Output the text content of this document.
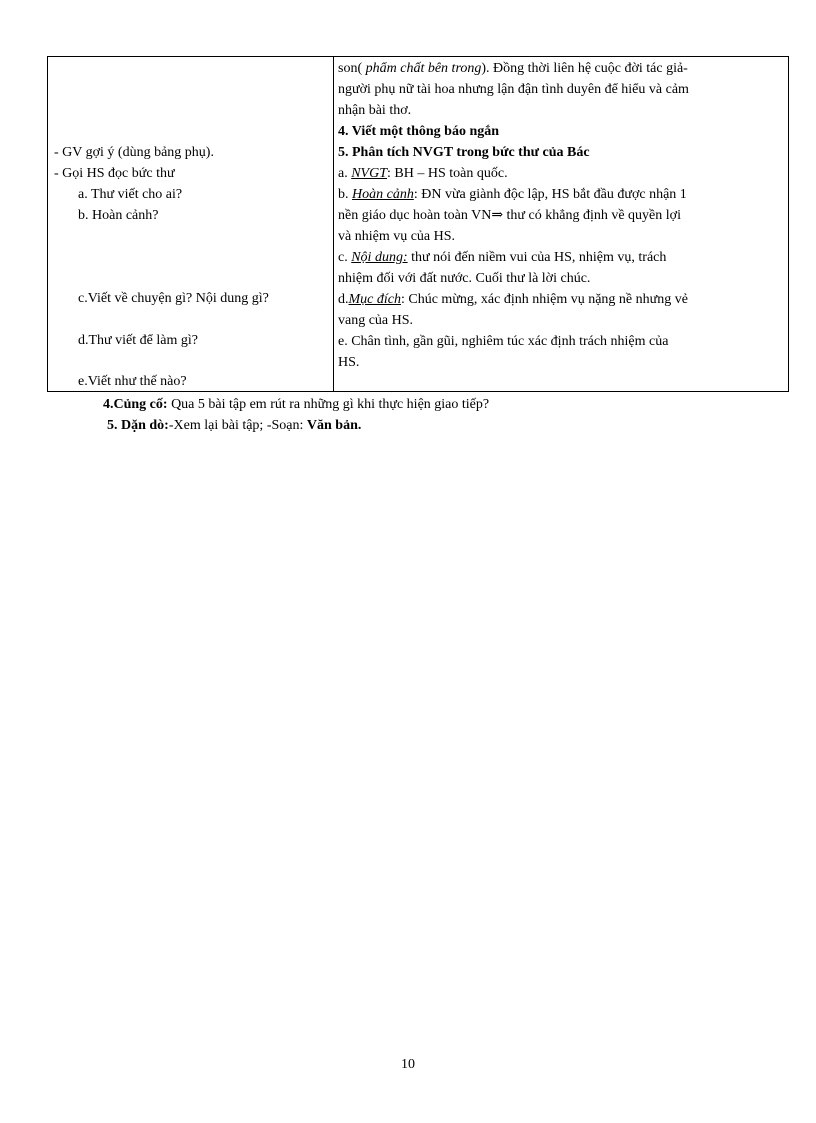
- GV gợi ý (dùng bảng phụ).
- Gọi HS đọc bức thư
a. Thư viết cho ai?
b. Hoàn cảnh?
c.Viết về chuyện gì? Nội dung gì?
d.Thư viết để làm gì?
e.Viết như thế nào?
son( phẩm chất bên trong). Đồng thời liên hệ cuộc đời tác giả-
người phụ nữ tài hoa nhưng lận đận tình duyên để hiểu và cảm
nhận bài thơ.
4. Viết một thông báo ngắn
5. Phân tích NVGT trong bức thư của Bác
a. NVGT: BH – HS toàn quốc.
b. Hoàn cảnh: ĐN vừa giành độc lập, HS bắt đầu được nhận 1
nền giáo dục hoàn toàn VN⇒ thư có khẳng định về quyền lợi
và nhiệm vụ của HS.
c. Nội dung: thư nói đến niềm vui của HS, nhiệm vụ, trách
nhiệm đối với đất nước. Cuối thư là lời chúc.
d.Mục đích: Chúc mừng, xác định nhiệm vụ nặng nề nhưng vẻ
vang của HS.
e. Chân tình, gần gũi, nghiêm túc xác định trách nhiệm của
HS.
4.Củng cố: Qua 5 bài tập em rút ra những gì khi thực hiện giao tiếp?
5. Dặn dò:-Xem lại bài tập; -Soạn: Văn bản.
10
